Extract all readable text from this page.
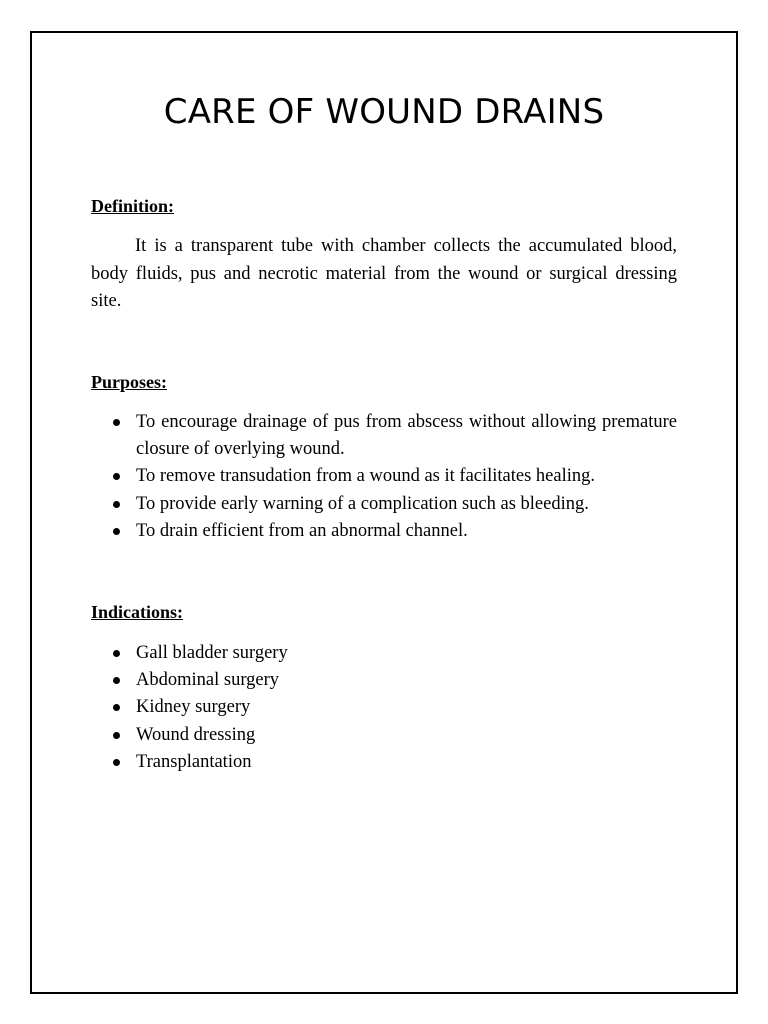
CARE OF WOUND DRAINS
Definition:

It is a transparent tube with chamber collects the accumulated blood, body fluids, pus and necrotic material from the wound or surgical dressing site.

Purposes:
To encourage drainage of pus from abscess without allowing premature closure of overlying wound.
To remove transudation from a wound as it facilitates healing.
To provide early warning of a complication such as bleeding.
To drain efficient from an abnormal channel.
Indications:
Gall bladder surgery
Abdominal surgery
Kidney surgery
Wound dressing
Transplantation
